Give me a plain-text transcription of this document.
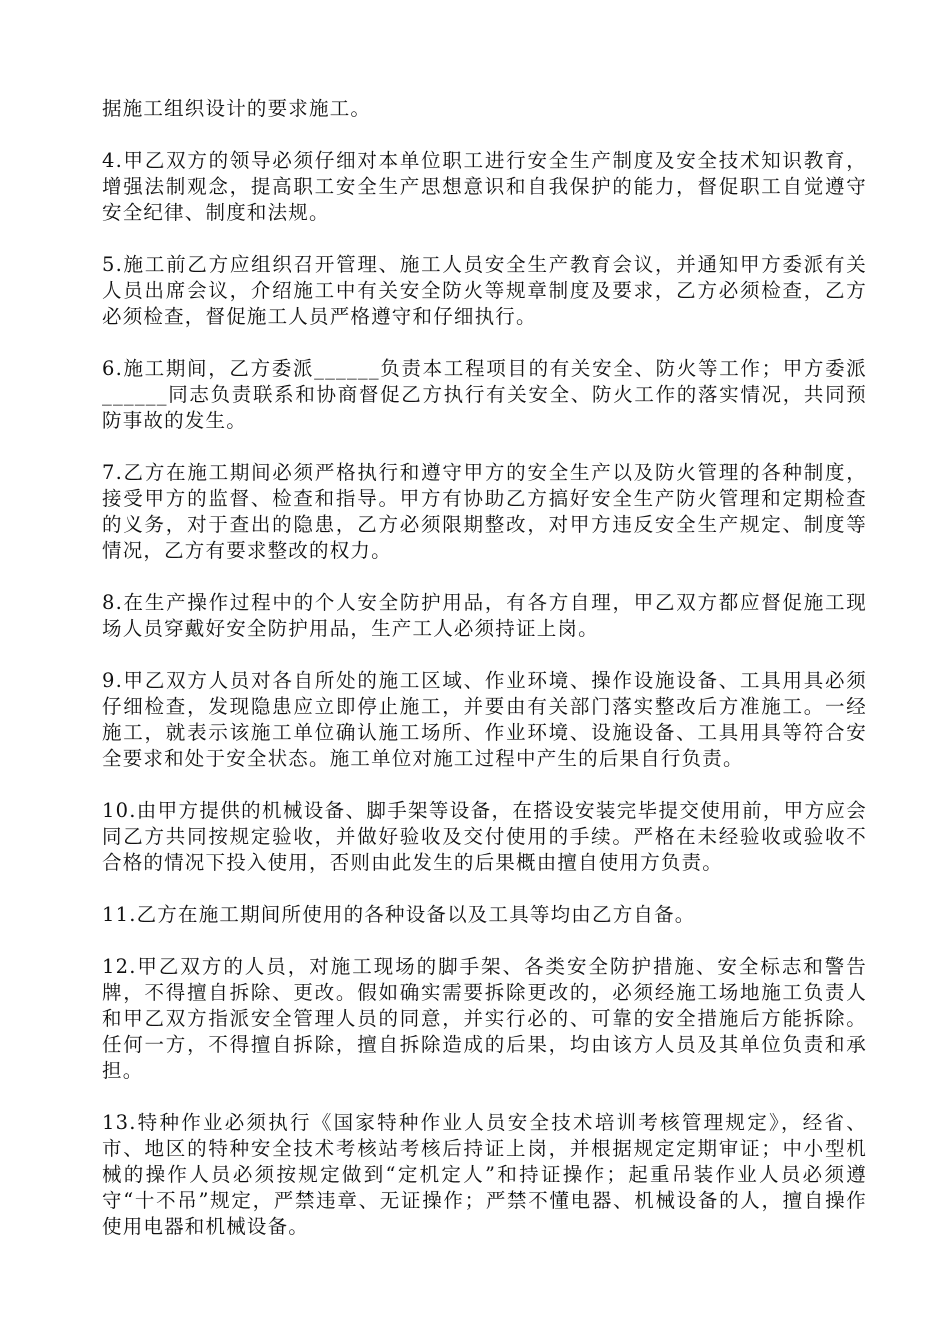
据施工组织设计的要求施工。

4.甲乙双方的领导必须仔细对本单位职工进行安全生产制度及安全技术知识教育，增强法制观念，提高职工安全生产思想意识和自我保护的能力，督促职工自觉遵守安全纪律、制度和法规。

5.施工前乙方应组织召开管理、施工人员安全生产教育会议，并通知甲方委派有关人员出席会议，介绍施工中有关安全防火等规章制度及要求，乙方必须检查，乙方必须检查，督促施工人员严格遵守和仔细执行。

6.施工期间，乙方委派______负责本工程项目的有关安全、防火等工作；甲方委派______同志负责联系和协商督促乙方执行有关安全、防火工作的落实情况，共同预防事故的发生。

7.乙方在施工期间必须严格执行和遵守甲方的安全生产以及防火管理的各种制度，接受甲方的监督、检查和指导。甲方有协助乙方搞好安全生产防火管理和定期检查的义务，对于查出的隐患，乙方必须限期整改，对甲方违反安全生产规定、制度等情况，乙方有要求整改的权力。

8.在生产操作过程中的个人安全防护用品，有各方自理，甲乙双方都应督促施工现场人员穿戴好安全防护用品，生产工人必须持证上岗。

9.甲乙双方人员对各自所处的施工区域、作业环境、操作设施设备、工具用具必须仔细检查，发现隐患应立即停止施工，并要由有关部门落实整改后方准施工。一经施工，就表示该施工单位确认施工场所、作业环境、设施设备、工具用具等符合安全要求和处于安全状态。施工单位对施工过程中产生的后果自行负责。

10.由甲方提供的机械设备、脚手架等设备，在搭设安装完毕提交使用前，甲方应会同乙方共同按规定验收，并做好验收及交付使用的手续。严格在未经验收或验收不合格的情况下投入使用，否则由此发生的后果概由擅自使用方负责。

11.乙方在施工期间所使用的各种设备以及工具等均由乙方自备。

12.甲乙双方的人员，对施工现场的脚手架、各类安全防护措施、安全标志和警告牌，不得擅自拆除、更改。假如确实需要拆除更改的，必须经施工场地施工负责人和甲乙双方指派安全管理人员的同意，并实行必的、可靠的安全措施后方能拆除。任何一方，不得擅自拆除，擅自拆除造成的后果，均由该方人员及其单位负责和承担。

13.特种作业必须执行《国家特种作业人员安全技术培训考核管理规定》，经省、市、地区的特种安全技术考核站考核后持证上岗，并根据规定定期审证；中小型机械的操作人员必须按规定做到“定机定人”和持证操作；起重吊装作业人员必须遵守“十不吊”规定，严禁违章、无证操作；严禁不懂电器、机械设备的人，擅自操作使用电器和机械设备。
